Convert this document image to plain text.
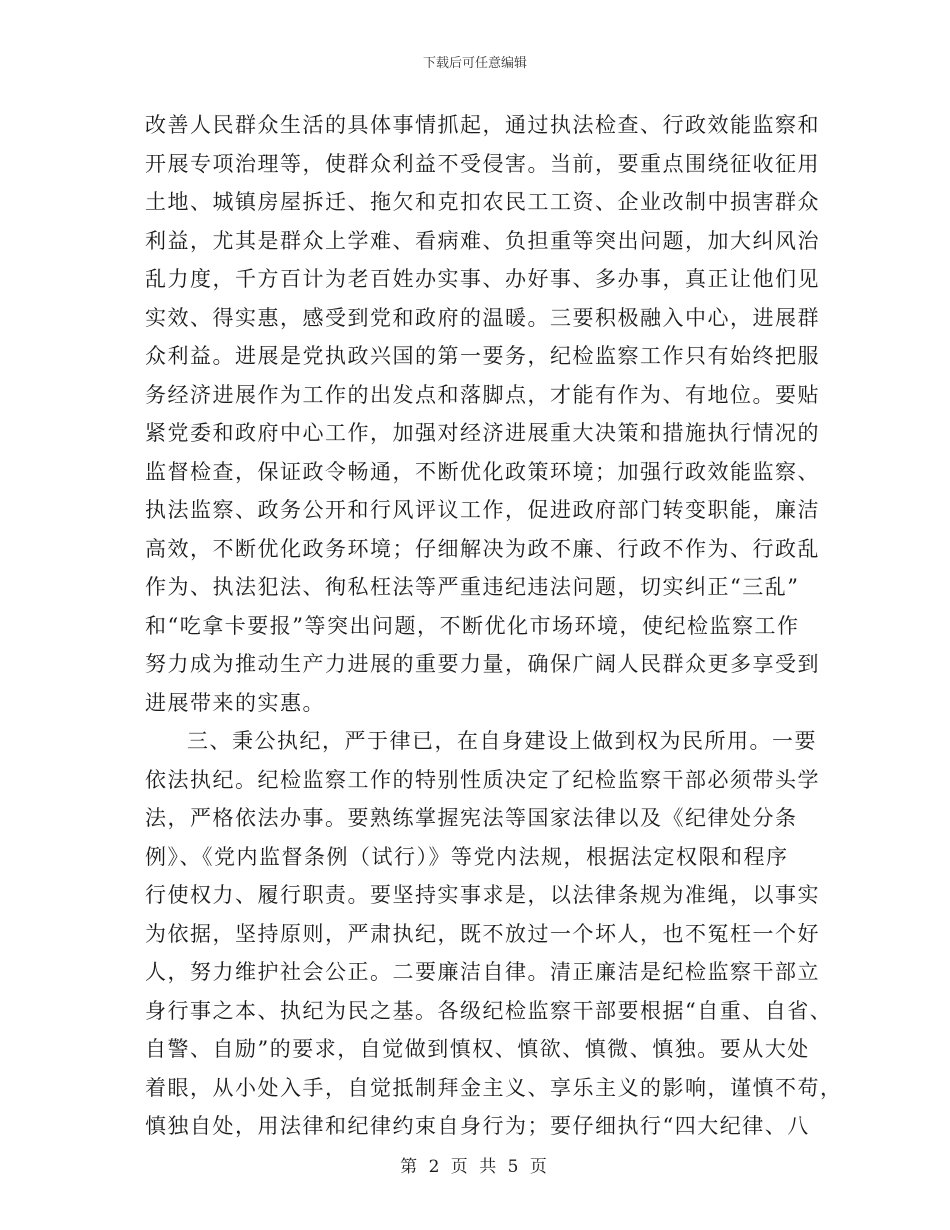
下载后可任意编辑
改善人民群众生活的具体事情抓起，通过执法检查、行政效能监察和
开展专项治理等，使群众利益不受侵害。当前，要重点围绕征收征用
土地、城镇房屋拆迁、拖欠和克扣农民工工资、企业改制中损害群众
利益，尤其是群众上学难、看病难、负担重等突出问题，加大纠风治
乱力度，千方百计为老百姓办实事、办好事、多办事，真正让他们见
实效、得实惠，感受到党和政府的温暖。三要积极融入中心，进展群
众利益。进展是党执政兴国的第一要务，纪检监察工作只有始终把服
务经济进展作为工作的出发点和落脚点，才能有作为、有地位。要贴
紧党委和政府中心工作，加强对经济进展重大决策和措施执行情况的
监督检查，保证政令畅通，不断优化政策环境；加强行政效能监察、
执法监察、政务公开和行风评议工作，促进政府部门转变职能，廉洁
高效，不断优化政务环境；仔细解决为政不廉、行政不作为、行政乱
作为、执法犯法、徇私枉法等严重违纪违法问题，切实纠正“三乱”
和“吃拿卡要报”等突出问题，不断优化市场环境，使纪检监察工作
努力成为推动生产力进展的重要力量，确保广阔人民群众更多享受到
进展带来的实惠。
三、秉公执纪，严于律已，在自身建设上做到权为民所用。一要
依法执纪。纪检监察工作的特别性质决定了纪检监察干部必须带头学
法，严格依法办事。要熟练掌握宪法等国家法律以及《纪律处分条
例》、《党内监督条例（试行）》等党内法规，根据法定权限和程序
行使权力、履行职责。要坚持实事求是，以法律条规为准绳，以事实
为依据，坚持原则，严肃执纪，既不放过一个坏人，也不冤枉一个好
人，努力维护社会公正。二要廉洁自律。清正廉洁是纪检监察干部立
身行事之本、执纪为民之基。各级纪检监察干部要根据“自重、自省、
自警、自励”的要求，自觉做到慎权、慎欲、慎微、慎独。要从大处
着眼，从小处入手，自觉抵制拜金主义、享乐主义的影响，谨慎不苟，
慎独自处，用法律和纪律约束自身行为；要仔细执行“四大纪律、八
第 2 页 共 5 页
